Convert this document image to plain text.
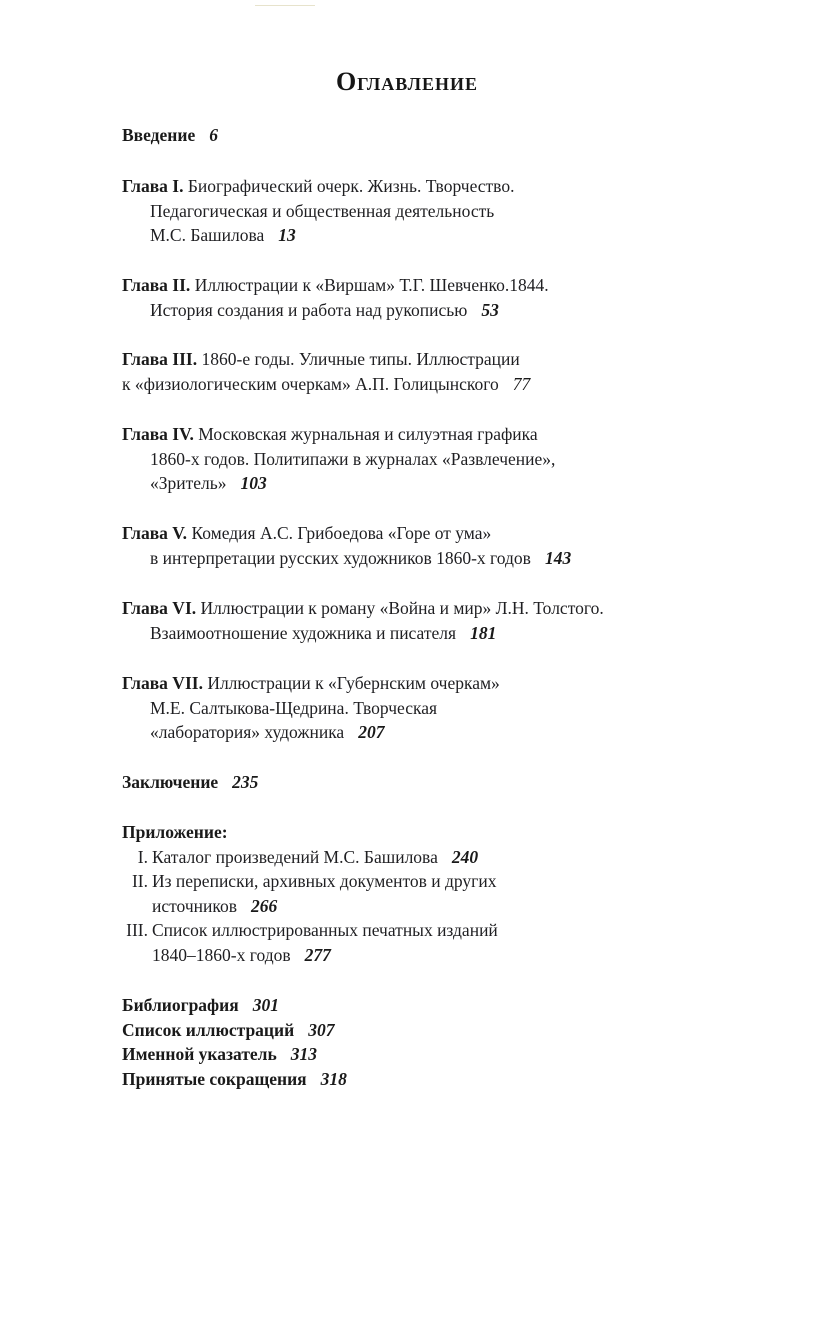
Оглавление
Введение 6
Глава I. Биографический очерк. Жизнь. Творчество.
Педагогическая и общественная деятельность
М.С. Башилова 13
Глава II. Иллюстрации к «Виршам» Т.Г. Шевченко.1844.
История создания и работа над рукописью 53
Глава III. 1860-е годы. Уличные типы. Иллюстрации
к «физиологическим очеркам» А.П. Голицынского 77
Глава IV. Московская журнальная и силуэтная графика
1860-х годов. Политипажи в журналах «Развлечение»,
«Зритель» 103
Глава V. Комедия А.С. Грибоедова «Горе от ума»
в интерпретации русских художников 1860-х годов 143
Глава VI. Иллюстрации к роману «Война и мир» Л.Н. Толстого.
Взаимоотношение художника и писателя 181
Глава VII. Иллюстрации к «Губернским очеркам»
М.Е. Салтыкова-Щедрина. Творческая
«лаборатория» художника 207
Заключение 235
Приложение:
I. Каталог произведений М.С. Башилова 240
II. Из переписки, архивных документов и других
источников 266
III. Список иллюстрированных печатных изданий
1840–1860-х годов 277
Библиография 301
Список иллюстраций 307
Именной указатель 313
Принятые сокращения 318
